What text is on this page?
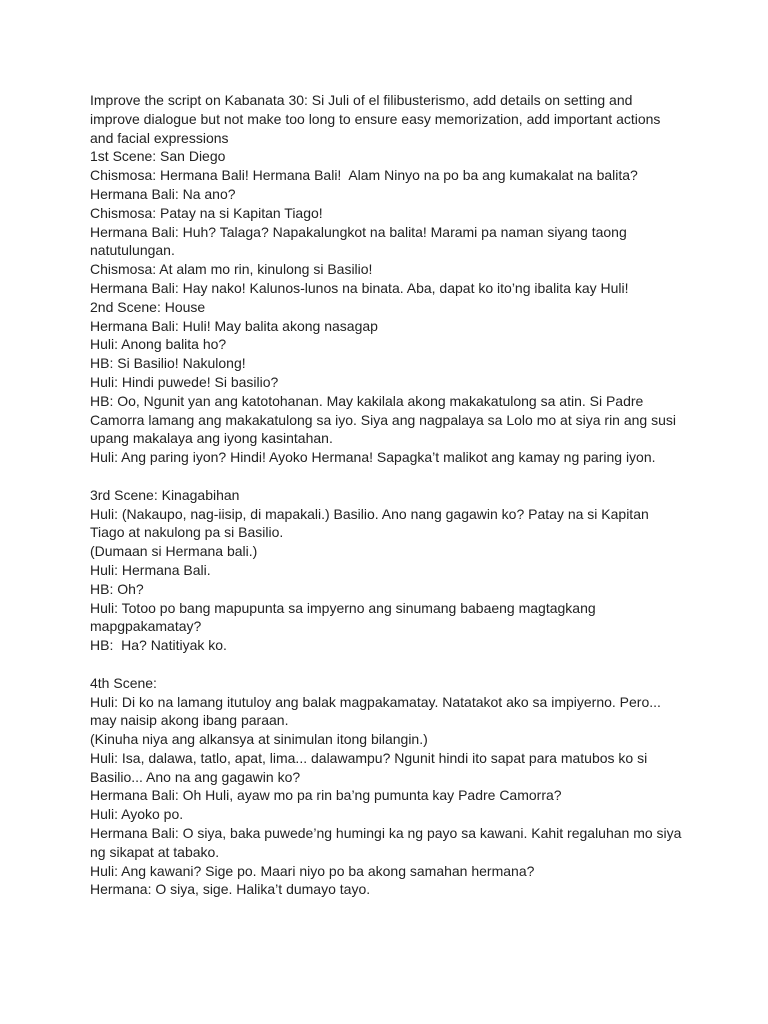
Improve the script on Kabanata 30: Si Juli of el filibusterismo, add details on setting and
improve dialogue but not make too long to ensure easy memorization, add important actions
and facial expressions
1st Scene: San Diego
Chismosa: Hermana Bali! Hermana Bali!  Alam Ninyo na po ba ang kumakalat na balita?
Hermana Bali: Na ano?
Chismosa: Patay na si Kapitan Tiago!
Hermana Bali: Huh? Talaga? Napakalungkot na balita! Marami pa naman siyang taong
natutulungan.
Chismosa: At alam mo rin, kinulong si Basilio!
Hermana Bali: Hay nako! Kalunos-lunos na binata. Aba, dapat ko ito’ng ibalita kay Huli!
2nd Scene: House
Hermana Bali: Huli! May balita akong nasagap
Huli: Anong balita ho?
HB: Si Basilio! Nakulong!
Huli: Hindi puwede! Si basilio?
HB: Oo, Ngunit yan ang katotohanan. May kakilala akong makakatulong sa atin. Si Padre
Camorra lamang ang makakatulong sa iyo. Siya ang nagpalaya sa Lolo mo at siya rin ang susi
upang makalaya ang iyong kasintahan.
Huli: Ang paring iyon? Hindi! Ayoko Hermana! Sapagka’t malikot ang kamay ng paring iyon.
3rd Scene: Kinagabihan
Huli: (Nakaupo, nag-iisip, di mapakali.) Basilio. Ano nang gagawin ko? Patay na si Kapitan
Tiago at nakulong pa si Basilio.
(Dumaan si Hermana bali.)
Huli: Hermana Bali.
HB: Oh?
Huli: Totoo po bang mapupunta sa impyerno ang sinumang babaeng magtagkang
mapgpakamatay?
HB:  Ha? Natitiyak ko.
4th Scene:
Huli: Di ko na lamang itutuloy ang balak magpakamatay. Natatakot ako sa impiyerno. Pero...
may naisip akong ibang paraan.
(Kinuha niya ang alkansya at sinimulan itong bilangin.)
Huli: Isa, dalawa, tatlo, apat, lima... dalawampu? Ngunit hindi ito sapat para matubos ko si
Basilio... Ano na ang gagawin ko?
Hermana Bali: Oh Huli, ayaw mo pa rin ba’ng pumunta kay Padre Camorra?
Huli: Ayoko po.
Hermana Bali: O siya, baka puwede’ng humingi ka ng payo sa kawani. Kahit regaluhan mo siya
ng sikapat at tabako.
Huli: Ang kawani? Sige po. Maari niyo po ba akong samahan hermana?
Hermana: O siya, sige. Halika’t dumayo tayo.
